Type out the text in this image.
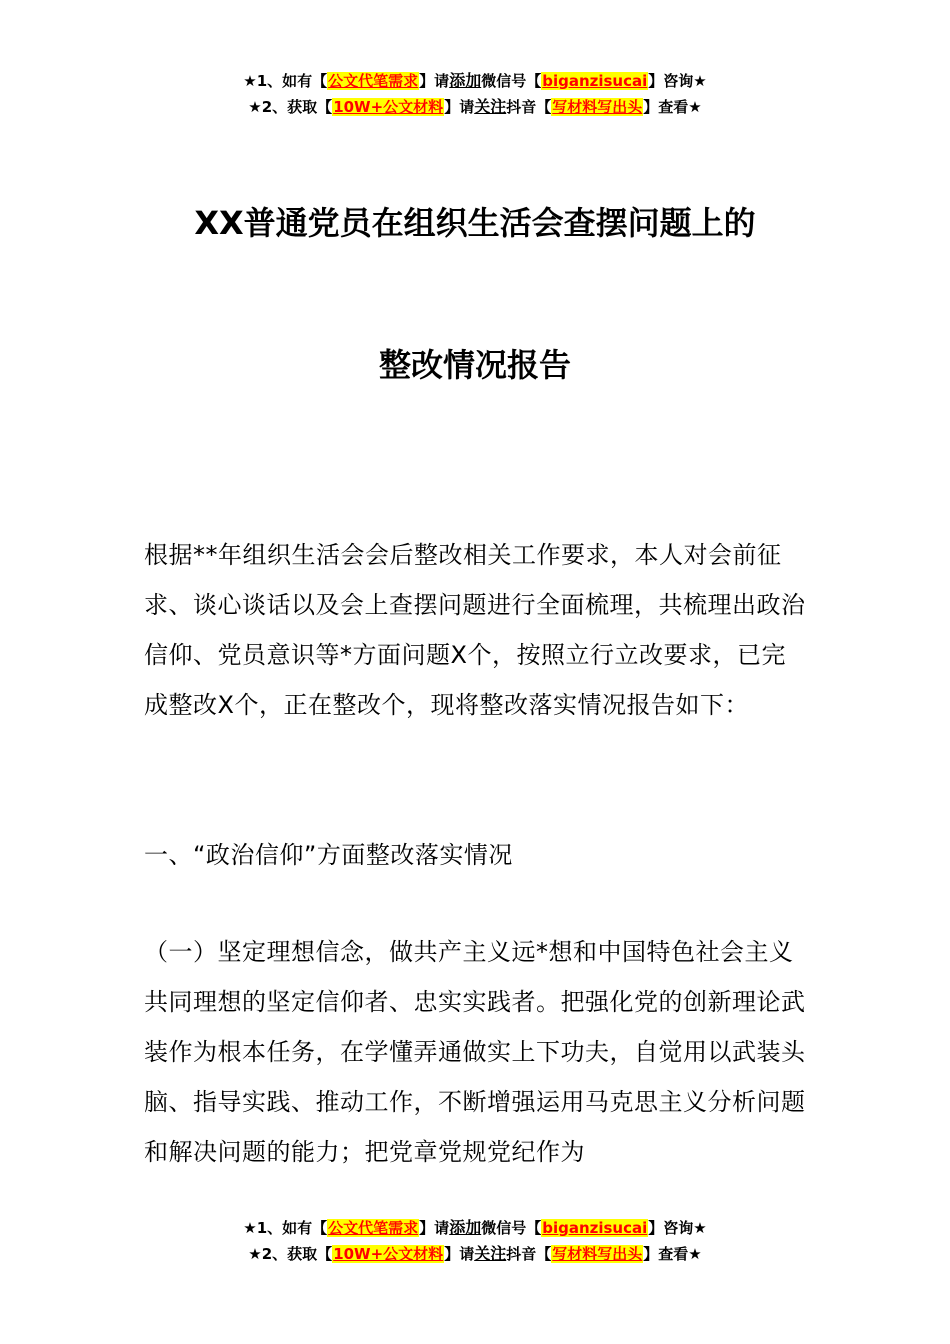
★1、如有【公文代笔需求】请添加微信号【biganzisucai】咨询★
★2、获取【10W+公文材料】请关注抖音【写材料写出头】查看★
XX普通党员在组织生活会查摆问题上的
整改情况报告

根据**年组织生活会会后整改相关工作要求，本人对会前征求、谈心谈话以及会上查摆问题进行全面梳理，共梳理出政治信仰、党员意识等*方面问题X个，按照立行立改要求，已完成整改X个，正在整改个，现将整改落实情况报告如下：

一、“政治信仰”方面整改落实情况

（一）坚定理想信念，做共产主义远*想和中国特色社会主义共同理想的坚定信仰者、忠实实践者。把强化党的创新理论武装作为根本任务，在学懂弄通做实上下功夫，自觉用以武装头脑、指导实践、推动工作，不断增强运用马克思主义分析问题和解决问题的能力；把党章党规党纪作为

★1、如有【公文代笔需求】请添加微信号【biganzisucai】咨询★
★2、获取【10W+公文材料】请关注抖音【写材料写出头】查看★
